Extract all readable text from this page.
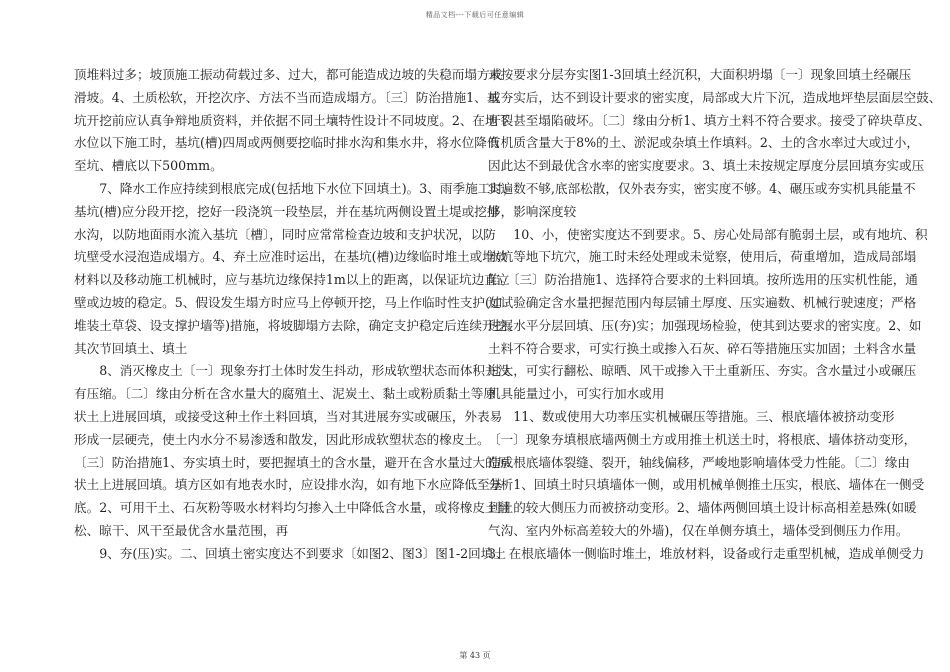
精品文档---下载后可任意编辑
顶堆料过多；坡顶施工振动荷载过多、过大，都可能造成边坡的失稳而塌方或
滑坡。4、土质松软，开挖次序、方法不当而造成塌方。〔三〕防治措施1、基
坑开挖前应认真争辩地质资料，并依据不同土壤特性设计不同坡度。2、在地下
水位以下施工时，基坑(槽)四周或两侧要挖临时排水沟和集水井，将水位降低
至坑、槽底以下500mm。
　　7、降水工作应持续到根底完成(包括地下水位下回填土)。3、雨季施工时，
基坑(槽)应分段开挖，挖好一段浇筑一段垫层，并在基坑两侧设置土堤或挖排
水沟，以防地面雨水流入基坑〔槽〕，同时应常常检查边坡和支护状况，以防
坑壁受水浸泡造成塌方。4、弃土应准时运出，在基坑(槽)边缘临时堆土或堆放
材料以及移动施工机械时，应与基坑边缘保持1m以上的距离，以保证坑边直立
壁或边坡的稳定。5、假设发生塌方时应马上停顿开挖，马上作临时性支护(如
堆装土草袋、设支撑护墙等)措施，将坡脚塌方去除，确定支护稳定后连续开挖。
其次节回填土、填土
　　8、消灭橡皮土〔一〕现象夯打土体时发生抖动，形成软塑状态而体积并没
有压缩。〔二〕缘由分析在含水量大的腐殖土、泥炭土、黏土或粉质黏土等原
状土上进展回填，或接受这种土作土料回填，当对其进展夯实或碾压，外表易
形成一层硬壳，使土内水分不易渗透和散发，因此形成软塑状态的橡皮土。
〔三〕防治措施1、夯实填土时，要把握填土的含水量，避开在含水量过大的原
状土上进展回填。填方区如有地表水时，应设排水沟，如有地下水应降低至基
底。2、可用干土、石灰粉等吸水材料均匀掺入土中降低含水量，或将橡皮土翻
松、晾干、风干至最优含水量范围，再
　　9、夯(压)实。二、回填土密实度达不到要求〔如图2、图3〕图1-2回填土
未按要求分层夯实图1-3回填土经沉积，大面积坍塌〔一〕现象回填土经碾压
或夯实后，达不到设计要求的密实度，局部或大片下沉，造成地坪垫层面层空鼓、
开裂甚至塌陷破坏。〔二〕缘由分析1、填方土料不符合要求。接受了碎块草皮、
有机质含量大于8%的土、淤泥或杂填土作填料。2、土的含水率过大或过小，
因此达不到最优含水率的密实度要求。3、填土未按规定厚度分层回填夯实或压
实遍数不够,底部松散，仅外表夯实，密实度不够。4、碾压或夯实机具能量不
够，影响深度较
　　10、小，使密实度达不到要求。5、房心处局部有脆弱土层，或有地坑、积
水坑等地下坑穴，施工时未经处理或未觉察，使用后，荷重增加，造成局部塌
陷。〔三〕防治措施1、选择符合要求的土料回填。按所选用的压实机性能，通
过试验确定含水量把握范围内每层铺土厚度、压实遍数、机械行驶速度；严格
进展水平分层回填、压(夯)实；加强现场检验，使其到达要求的密实度。2、如
土料不符合要求，可实行换土或掺入石灰、碎石等措施压实加固；土料含水量
过大，可实行翻松、晾晒、风干或掺入干土重新压、夯实。含水量过小或碾压
机具能量过小，可实行加水或用
　　11、数或使用大功率压实机械碾压等措施。三、根底墙体被挤动变形
〔一〕现象夯填根底墙两侧土方或用推土机送土时，将根底、墙体挤动变形，
造成根底墙体裂缝、裂开，轴线偏移，严峻地影响墙体受力性能。〔二〕缘由
分析1、回填土时只填墙体一侧，或用机械单侧推土压实，根底、墙体在一侧受
到土的较大侧压力而被挤动变形。2、墙体两侧回填土设计标高相差悬殊(如暖
气沟、室内外标高差较大的外墙)，仅在单侧夯填土，墙体受到侧压力作用。
3、在根底墙体一侧临时堆土，堆放材料，设备或行走重型机械，造成单侧受力
第 43 页
